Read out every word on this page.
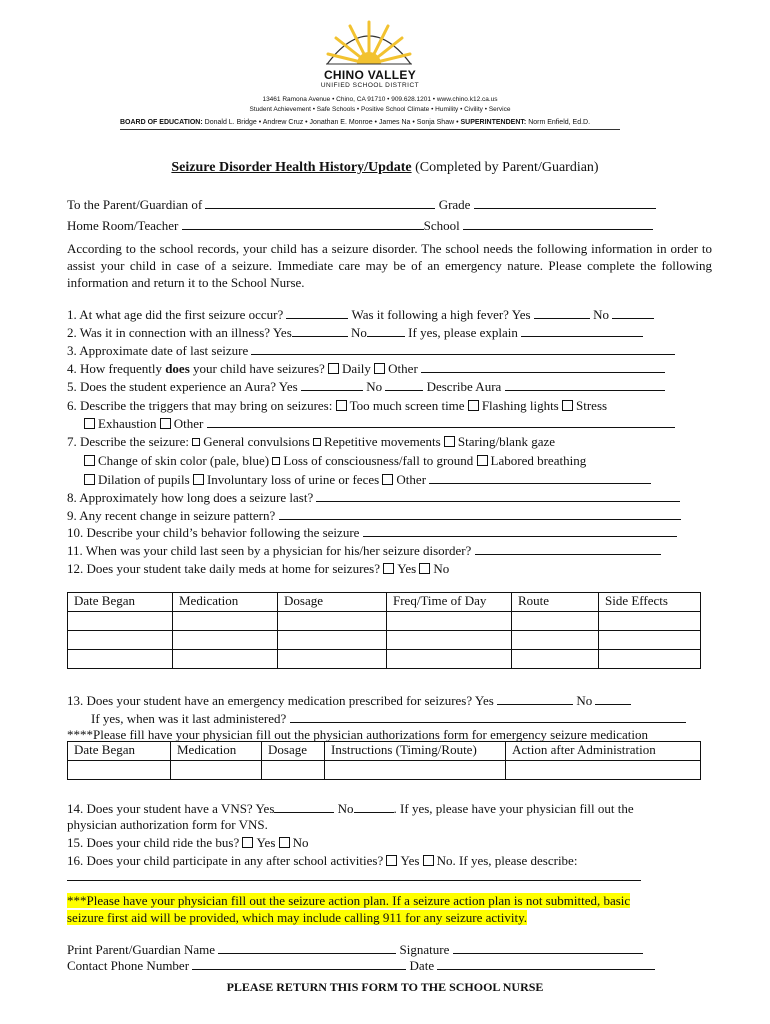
CHINO VALLEY
UNIFIED SCHOOL DISTRICT
13461 Ramona Avenue • Chino, CA 91710 • 909.628.1201 • www.chino.k12.ca.us
Student Achievement • Safe Schools • Positive School Climate • Humility • Civility • Service
BOARD OF EDUCATION: Donald L. Bridge • Andrew Cruz • Jonathan E. Monroe • James Na • Sonja Shaw • SUPERINTENDENT: Norm Enfield, Ed.D.
Seizure Disorder Health History/Update (Completed by Parent/Guardian)
To the Parent/Guardian of	Grade
Home Room/Teacher	School
According to the school records, your child has a seizure disorder. The school needs the following information in order to assist your child in case of a seizure. Immediate care may be of an emergency nature. Please complete the following information and return it to the School Nurse.
1. At what age did the first seizure occur?	Was it following a high fever? Yes	No
2. Was it in connection with an illness? Yes	No	If yes, please explain
3. Approximate date of last seizure
4. How frequently does your child have seizures? Daily Other
5. Does the student experience an Aura? Yes	No	Describe Aura
6. Describe the triggers that may bring on seizures: Too much screen time Flashing lights Stress
Exhaustion Other
7. Describe the seizure: General convulsions Repetitive movements Staring/blank gaze
Change of skin color (pale, blue) Loss of consciousness/fall to ground Labored breathing
Dilation of pupils Involuntary loss of urine or feces Other
8. Approximately how long does a seizure last?
9. Any recent change in seizure pattern?
10. Describe your child’s behavior following the seizure
11. When was your child last seen by a physician for his/her seizure disorder?
12. Does your student take daily meds at home for seizures? Yes No
Date Began	Medication	Dosage	Freq/Time of Day	Route	Side Effects

13. Does your student have an emergency medication prescribed for seizures? Yes	No
If yes, when was it last administered?
****Please fill have your physician fill out the physician authorizations form for emergency seizure medication
Date Began	Medication	Dosage	Instructions (Timing/Route)	Action after Administration

14. Does your student have a VNS? Yes	No	. If yes, please have your physician fill out the
physician authorization form for VNS.
15. Does your child ride the bus? Yes No
16. Does your child participate in any after school activities? Yes No. If yes, please describe:
***Please have your physician fill out the seizure action plan. If a seizure action plan is not submitted, basic
seizure first aid will be provided, which may include calling 911 for any seizure activity.
Print Parent/Guardian Name	Signature
Contact Phone Number	Date
PLEASE RETURN THIS FORM TO THE SCHOOL NURSE
